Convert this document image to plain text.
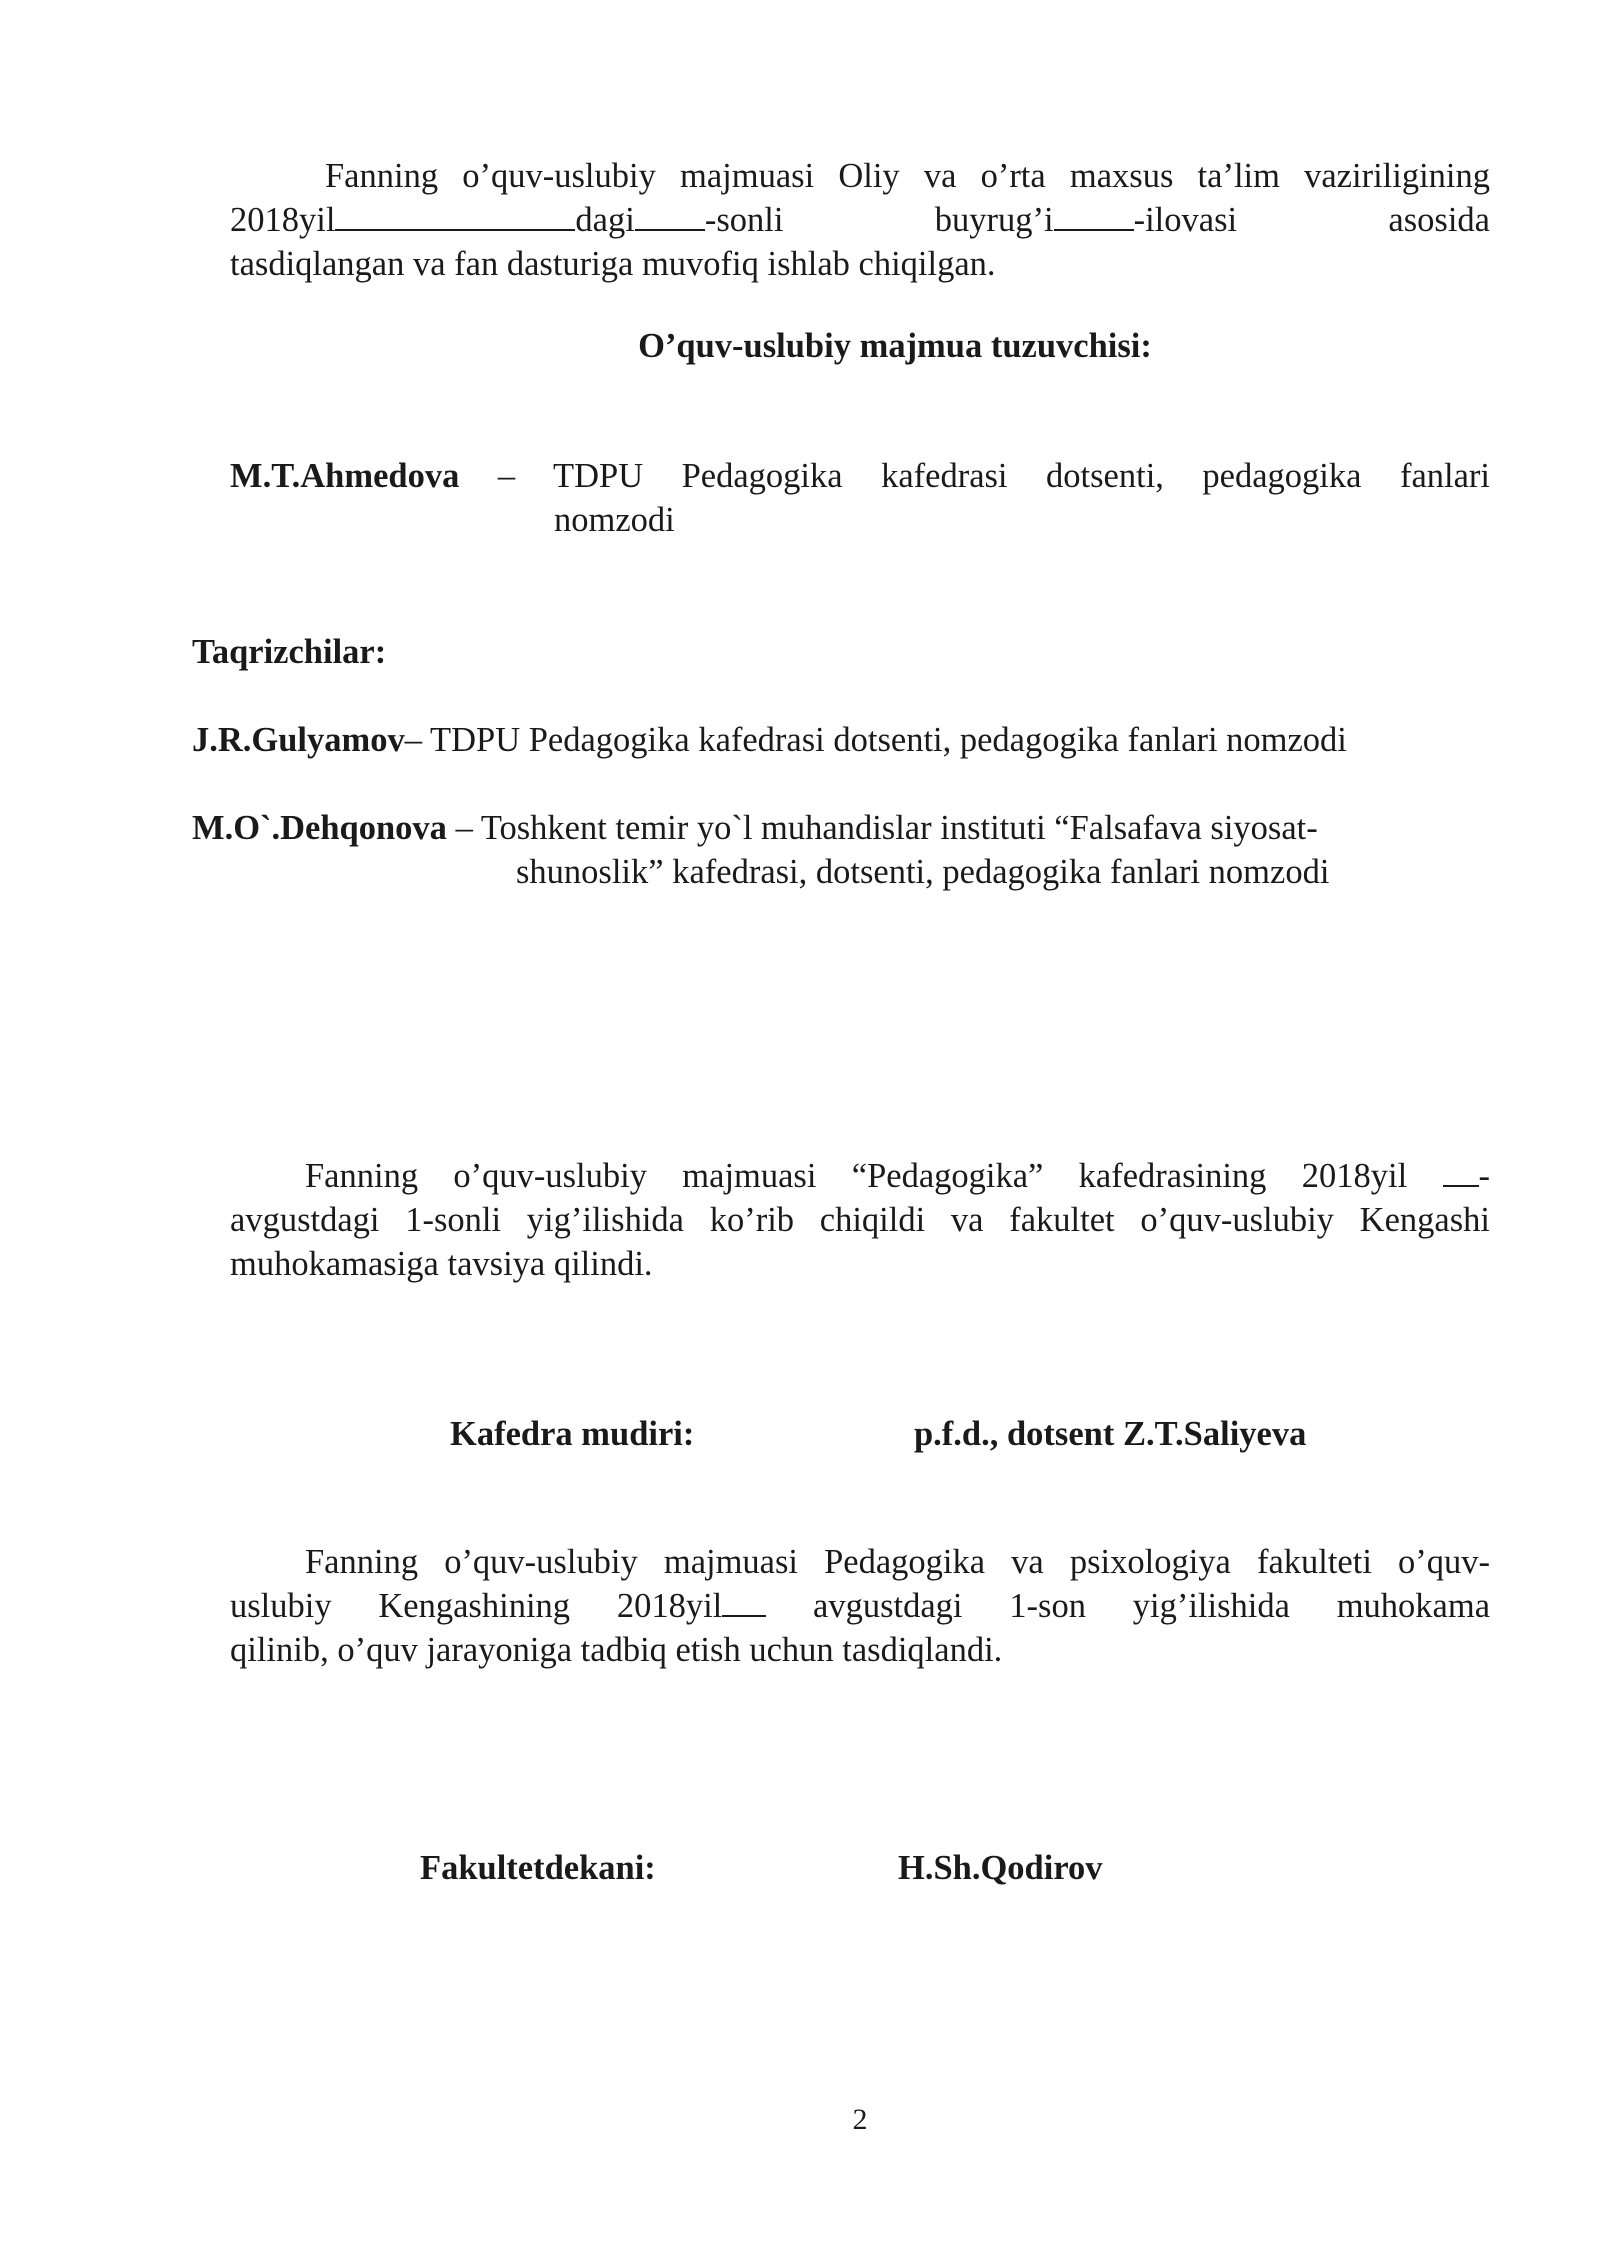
Fanning o’quv-uslubiy majmuasi Oliy va o’rta maxsus ta’lim vaziriligining
2018yil	dagi -sonli	buyrug’i -ilovasi	asosida
tasdiqlangan va fan dasturiga muvofiq ishlab chiqilgan.
O’quv-uslubiy majmua tuzuvchisi:
M.T.Ahmedova – TDPU Pedagogika kafedrasi dotsenti, pedagogika fanlari
nomzodi
Taqrizchilar:
J.R.Gulyamov– TDPU Pedagogika kafedrasi dotsenti, pedagogika fanlari nomzodi
M.O`.Dehqonova – Toshkent temir yo`l muhandislar instituti “Falsafava siyosat-
shunoslik” kafedrasi, dotsenti, pedagogika fanlari nomzodi
Fanning o’quv-uslubiy majmuasi “Pedagogika” kafedrasining 2018yil -
avgustdagi 1-sonli yig’ilishida ko’rib chiqildi va fakultet o’quv-uslubiy Kengashi
muhokamasiga tavsiya qilindi.
Kafedra mudiri:	p.f.d., dotsent Z.T.Saliyeva
Fanning o’quv-uslubiy majmuasi Pedagogika va psixologiya fakulteti o’quv-
uslubiy Kengashining 2018yil avgustdagi 1-son yig’ilishida muhokama
qilinib, o’quv jarayoniga tadbiq etish uchun tasdiqlandi.
Fakultetdekani:	H.Sh.Qodirov
2
